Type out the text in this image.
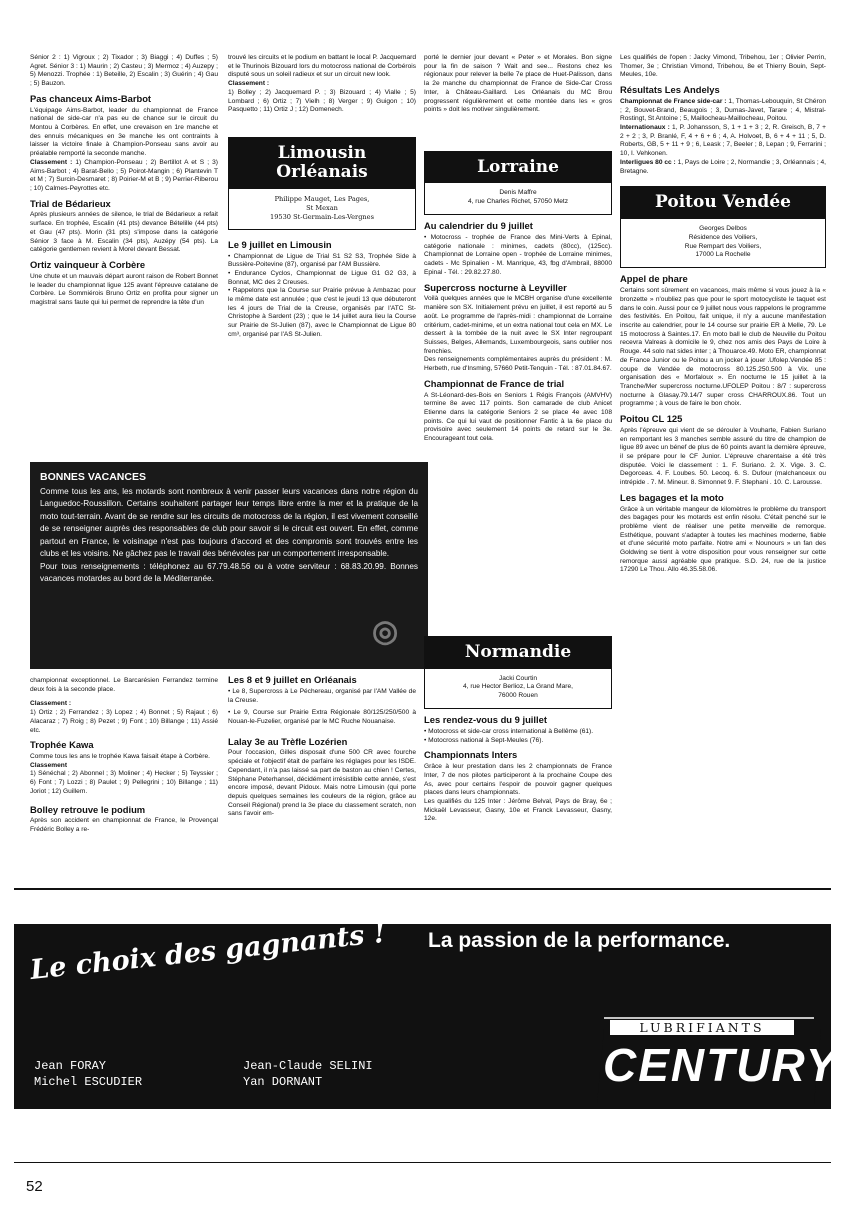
Sénior 2 : 1) Vigroux ; 2) Tixador ; 3) Biaggi ; 4) Duffes ; 5) Agret. Sénior 3 : 1) Maurin ; 2) Casteu ; 3) Mermoz ; 4) Auzepy ; 5) Menozzi. Trophée : 1) Beteille, 2) Escalin ; 3) Guérin ; 4) Gau ; 5) Bauzon.

Pas chanceux Aims-Barbot

L'équipage Aims-Barbot, leader du championnat de France national de side-car n'a pas eu de chance sur le circuit du Montou à Corbères. En effet, une crevaison en 1re manche et des ennuis mécaniques en 3e manche les ont contraints à laisser la victoire finale à Champion-Ponseau sans avoir au préalable remporté la seconde manche.

Classement : 1) Champion-Ponseau ; 2) Bertillot A et S ; 3) Aims-Barbot ; 4) Barat-Bello ; 5) Poirot-Mangin ; 6) Plantevin T et M ; 7) Surcin-Desmaret ; 8) Poirier-M et B ; 9) Perrier-Riberou ; 10) Calmes-Peyrottes etc.

Trial de Bédarieux

Après plusieurs années de silence, le trial de Bédarieux a refait surface. En trophée, Escalin (41 pts) devance Bételille (44 pts) et Gau (47 pts). Morin (31 pts) s'impose dans la catégorie Sénior 3 face à M. Escalin (34 pts), Auzépy (54 pts). La catégorie gentlemen revient à Morel devant Bessat.

Ortiz vainqueur à Corbère

Une chute et un mauvais départ auront raison de Robert Bonnet le leader du championnat ligue 125 avant l'épreuve catalane de Corbère. Le Sommiérois Bruno Ortiz en profita pour signer un magistral sans faute qui lui permet de reprendre la tête d'un

trouvé les circuits et le podium en battant le local P. Jacquemard et le Thurinois Bizouard lors du motocross national de Corbérois disputé sous un soleil radieux et sur un circuit new look.

Classement :
1) Bolley ; 2) Jacquemard P. ; 3) Bizouard ; 4) Vialle ; 5) Lombard ; 6) Ortiz ; 7) Vielh ; 8) Verger ; 9) Guigon ; 10) Pasquetto ; 11) Ortiz J ; 12) Domenech.

Limousin
Orléanais
Philippe Mauget, Les Pages,
St Mexan
19530 St-Germain-Les-Vergnes
Le 9 juillet en Limousin

• Championnat de Ligue de Trial S1 S2 S3, Trophée Side à Bussière-Poitevine (87), organisé par l'AM Bussière.

• Endurance Cyclos, Championnat de Ligue G1 G2 G3, à Bonnat, MC des 2 Creuses.

• Rappelons que la Course sur Prairie prévue à Ambazac pour le même date est annulée ; que c'est le jeudi 13 que débuteront les 4 jours de Trial de la Creuse, organisés par l'ATC St-Christophe à Sardent (23) ; que le 14 juillet aura lieu la Course sur Prairie de St-Julien (87), avec le Championnat de Ligue 80 cm³, organisé par l'AS St-Julien.

porté le dernier jour devant « Peter » et Morales. Bon signe pour la fin de saison ? Wait and see... Restons chez les régionaux pour relever la belle 7e place de Huet-Palisson, dans la 2e manche du championnat de France de Side-Car Cross Inter, à Château-Gaillard. Les Orléanais du MC Brou progressent régulièrement et cette montée dans les « gros points » doit les motiver singulièrement.

Lorraine
Denis Maffre
4, rue Charles Richet, 57050 Metz
Au calendrier du 9 juillet

• Motocross - trophée de France des Mini-Verts à Epinal, catégorie nationale : minimes, cadets (80cc), (125cc). Championnat de Lorraine open - trophée de Lorraine minimes, cadets - Mc Spinalien - M. Manrique, 43, fbg d'Ambrail, 88000 Epinal - Tél. : 29.82.27.80.

Supercross nocturne à Leyviller

Voilà quelques années que le MCBH organise d'une excellente manière son SX. Initialement prévu en juillet, il est reporté au 5 août. Le programme de l'après-midi : championnat de Lorraine critérium, cadet-minime, et un extra national tout cela en MX. Le dessert à la tombée de la nuit avec le SX Inter regroupant Suisses, Belges, Allemands, Luxembourgeois, sans oublier nos frenchies.

Des renseignements complémentaires auprès du président : M. Herbeth, rue d'Insming, 57660 Petit-Tenquin - Tél. : 87.01.84.67.

Championnat de France de trial

A St-Léonard-des-Bois en Seniors 1 Régis François (AMVHV) termine 8e avec 117 points. Son camarade de club Anicet Etienne dans la catégorie Seniors 2 se place 4e avec 108 points. Ce qui lui vaut de positionner Fantic à la 6e place du provisoire avec seulement 14 points de retard sur le 3e. Encourageant tout cela.

Les qualifiés de l'open : Jacky Vimond, Tribehou, 1er ; Olivier Perrin, Thomer, 3e ; Christian Vimond, Tribehou, 8e et Thierry Bouin, Sept-Meules, 10e.

Résultats Les Andelys

Championnat de France side-car : 1, Thomas-Lebouquin, St Chéron ; 2, Bouvet-Brand, Beaugois ; 3, Dumas-Javet, Tarare ; 4, Mistral-Rostingt, St Antoine ; 5, Maillocheau-Maillocheau, Poitou.

Internationaux : 1, P. Johansson, S, 1 + 1 + 3 ; 2, R. Greisch, B, 7 + 2 + 2 ; 3, P. Branlé, F, 4 + 6 + 6 ; 4, A. Holvoet, B, 6 + 4 + 11 ; 5, D. Roberts, GB, 5 + 11 + 9 ; 6, Leask ; 7, Beeler ; 8, Lepan ; 9, Ferrarini ; 10, I. Vehkonen.

Interligues 80 cc : 1, Pays de Loire ; 2, Normandie ; 3, Orléannais ; 4, Bretagne.

Poitou Vendée
Georges Delbos
Résidence des Voiliers,
Rue Rempart des Voiliers,
17000 La Rochelle
Appel de phare

Certains sont sûrement en vacances, mais même si vous jouez à la « bronzette » n'oubliez pas que pour le sport motocycliste le taquet est dans le coin. Aussi pour ce 9 juillet nous vous rappelons le programme des festivités. En Poitou, fait unique, il n'y a aucune manifestation inscrite au calendrier, pour le 14 course sur prairie ER à Melle, 79. Le 15 motocross à Saintes.17. En moto ball le club de Neuville du Poitou recevra Valreas à domicile le 9, chez nos amis des Pays de Loire à Rouge. 44 solo nat sides inter ; à Thouarce.49. Moto ER, championnat de France Junior ou le Poitou a un jocker à jouer .Ufolep.Vendée 85 : coupe de Vendée de motocross 80.125.250.500 à Vix. une organisation des « Morfaloux ». En nocturne le 15 juillet à la Tranche/Mer supercross nocturne.UFOLEP Poitou : 8/7 : supercross nocturne à Glasay.79.14/7 super cross CHARROUX.86. Tout un programme ; à vous de faire le bon choix.

Poitou CL 125

Après l'épreuve qui vient de se dérouler à Vouharte, Fabien Suriano en remportant les 3 manches semble assuré du titre de champion de ligue 89 avec un bénef de plus de 60 points avant la dernière épreuve, il se prépare pour le CF Junior. L'épreuve charentaise a été très disputée. Voici le classement : 1. F. Suriano. 2. X. Vige. 3. C. Degorceas. 4. F. Loubes. 50. Lecoq. 6. S. Dufour (malchanceux ou intrépide . 7. M. Mineur. 8. Simonnet 9. F. Stephani . 10. C. Larousse.

Les bagages et la moto

Grâce à un véritable mangeur de kilomètres le problème du transport des bagages pour les motards est enfin résolu. C'était penché sur le problème vient de réaliser une petite merveille de remorque. Esthétique, pouvant s'adapter à toutes les machines moderne, fiable et d'une sécurité moto parfaite. Notre ami « Nounours » un fan des Goldwing se tient à votre disposition pour vous renseigner sur cette remorque aussi agréable que pratique. S.D. 24, rue de la justice 17290 Le Thou. Allo 46.35.58.06.

BONNES VACANCES
Comme tous les ans, les motards sont nombreux à venir passer leurs vacances dans notre région du Languedoc-Roussillon. Certains souhaitent partager leur temps libre entre la mer et la pratique de la moto tout-terrain. Avant de se rendre sur les circuits de motocross de la région, il est vivement conseillé de se renseigner auprès des responsables de club pour savoir si le circuit est ouvert. En effet, comme partout en France, le voisinage n'est pas toujours d'accord et des compromis sont trouvés entre les clubs et les voisins. Ne gâchez pas le travail des bénévoles par un comportement irresponsable.
Pour tous renseignements : téléphonez au 67.79.48.56 ou à votre serviteur : 68.83.20.99. Bonnes vacances motardes au bord de la Méditerranée.

championnat exceptionnel. Le Barcarésien Ferrandez termine deux fois à la seconde place.

Classement :
1) Ortiz ; 2) Ferrandez ; 3) Lopez ; 4) Bonnet ; 5) Rajaut ; 6) Alacaraz ; 7) Roig ; 8) Pezet ; 9) Font ; 10) Billange ; 11) Assié etc.

Trophée Kawa

Comme tous les ans le trophée Kawa faisait étape à Corbère.

Classement
1) Sénéchal ; 2) Abonnel ; 3) Moliner ; 4) Hecker ; 5) Teyssier ; 6) Font ; 7) Lozzi ; 8) Paulet ; 9) Pellegrini ; 10) Billange ; 11) Joriot ; 12) Guillem.

Bolley retrouve le podium

Après son accident en championnat de France, le Provençal Frédéric Bolley a re-

Les 8 et 9 juillet en Orléanais

• Le 8, Supercross à Le Péchereau, organisé par l'AM Vallée de la Creuse.

• Le 9, Course sur Prairie Extra Régionale 80/125/250/500 à Nouan-le-Fuzelier, organisé par le MC Ruche Nouanaise.

Lalay 3e au Trèfle Lozérien

Pour l'occasion, Gilles disposait d'une 500 CR avec fourche spéciale et l'objectif était de parfaire les réglages pour les ISDE. Cependant, il n'a pas laissé sa part de baston au chien ! Certes, Stéphane Peterhansel, décidément irrésistible cette année, s'est encore imposé, devant Pidoux. Mais notre Limousin (qui porte depuis quelques semaines les couleurs de la région, grâce au Conseil Régional) prend la 3e place du classement scratch, non sans l'avoir em-

Normandie
Jacki Courtin
4, rue Hector Berlioz, La Grand Mare,
76000 Rouen
Les rendez-vous du 9 juillet

• Motocross et side-car cross international à Bellême (61).

• Motocross national à Sept-Meules (76).

Championnats Inters

Grâce à leur prestation dans les 2 championnats de France Inter, 7 de nos pilotes participeront à la prochaine Coupe des As, avec pour certains l'espoir de pouvoir gagner quelques places dans leurs championnats.

Les qualifiés du 125 Inter : Jérôme Belval, Pays de Bray, 6e ; Mickaël Levasseur, Gasny, 10e et Franck Levasseur, Gasny, 12e.

◎
Le choix des gagnants !
Jean FORAY
Michel ESCUDIER
Jean-Claude SELINI
Yan DORNANT
La passion de la performance.
LUBRIFIANTS
CENTURY
52
